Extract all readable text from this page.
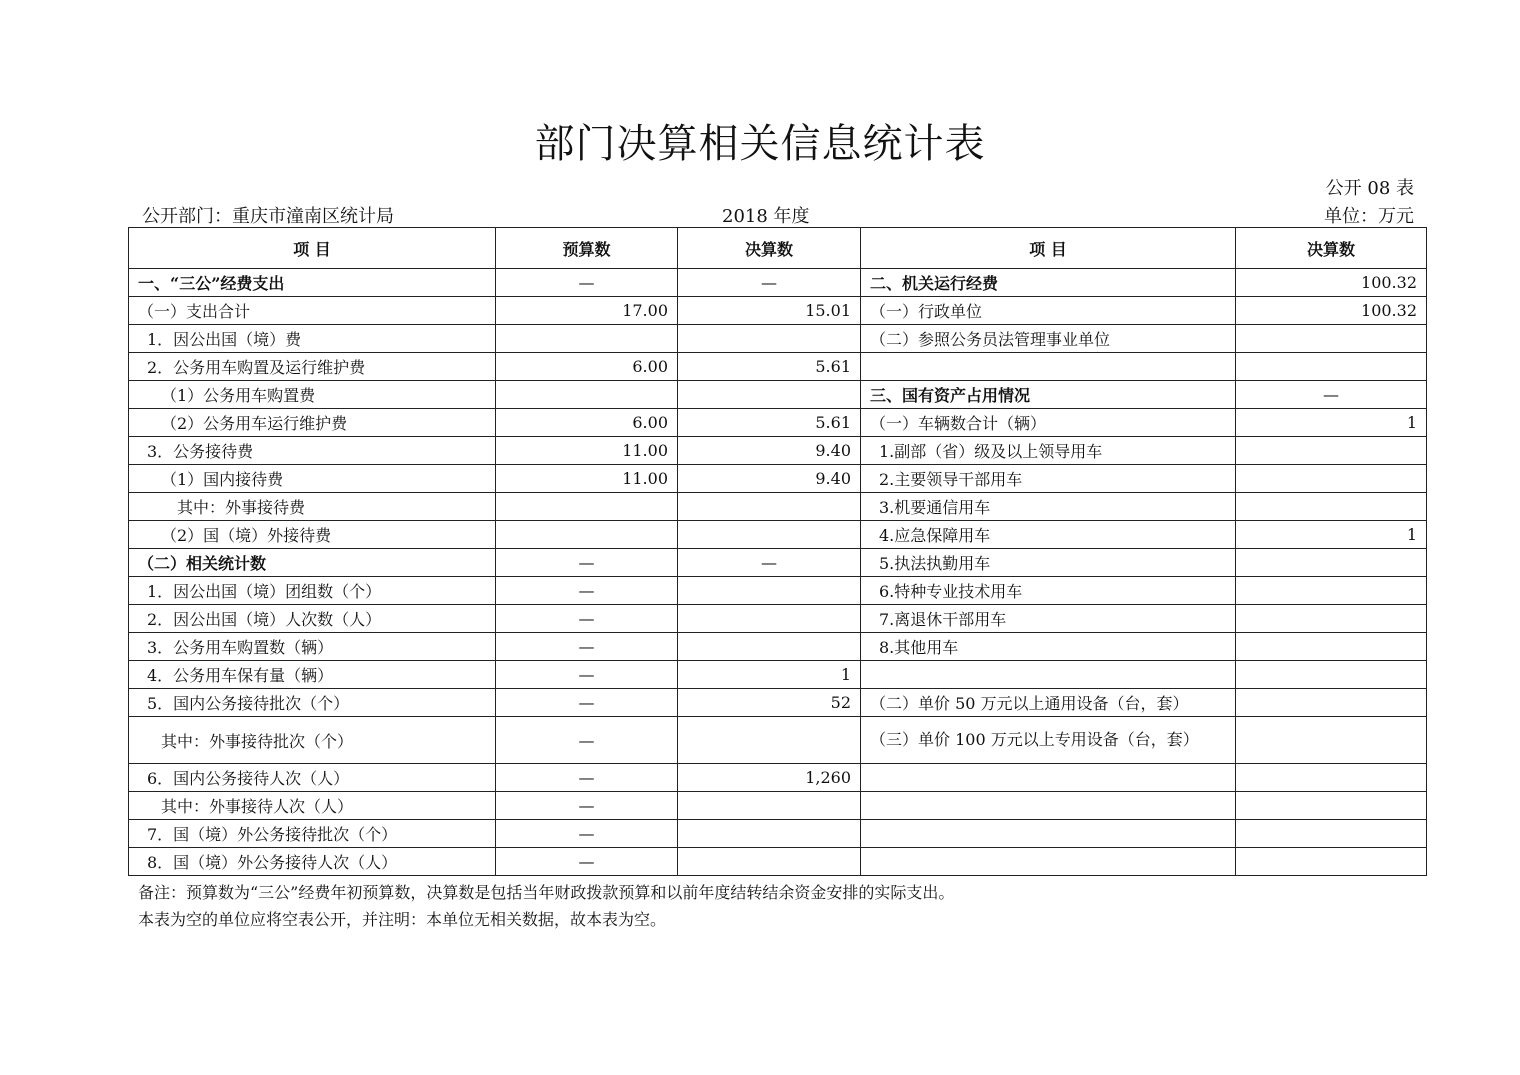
部门决算相关信息统计表
公开 08 表
公开部门：重庆市潼南区统计局	2018 年度	单位：万元
项 目	预算数	决算数	项 目	决算数
一、“三公”经费支出	—	—	二、机关运行经费	100.32
（一）支出合计	17.00	15.01	（一）行政单位	100.32
1．因公出国（境）费			（二）参照公务员法管理事业单位	
2．公务用车购置及运行维护费	6.00	5.61		
（1）公务用车购置费			三、国有资产占用情况	—
（2）公务用车运行维护费	6.00	5.61	（一）车辆数合计（辆）	1
3．公务接待费	11.00	9.40	1.副部（省）级及以上领导用车	
（1）国内接待费	11.00	9.40	2.主要领导干部用车	
其中：外事接待费			3.机要通信用车	
（2）国（境）外接待费			4.应急保障用车	1
（二）相关统计数	—	—	5.执法执勤用车	
1．因公出国（境）团组数（个）	—		6.特种专业技术用车	
2．因公出国（境）人次数（人）	—		7.离退休干部用车	
3．公务用车购置数（辆）	—		8.其他用车	
4．公务用车保有量（辆）	—	1		
5．国内公务接待批次（个）	—	52	（二）单价 50 万元以上通用设备（台，套）	
其中：外事接待批次（个）	—		（三）单价 100 万元以上专用设备（台，套）	
6．国内公务接待人次（人）	—	1,260		
其中：外事接待人次（人）	—			
7．国（境）外公务接待批次（个）	—			
8．国（境）外公务接待人次（人）	—			
备注：预算数为“三公”经费年初预算数，决算数是包括当年财政拨款预算和以前年度结转结余资金安排的实际支出。
本表为空的单位应将空表公开，并注明：本单位无相关数据，故本表为空。
